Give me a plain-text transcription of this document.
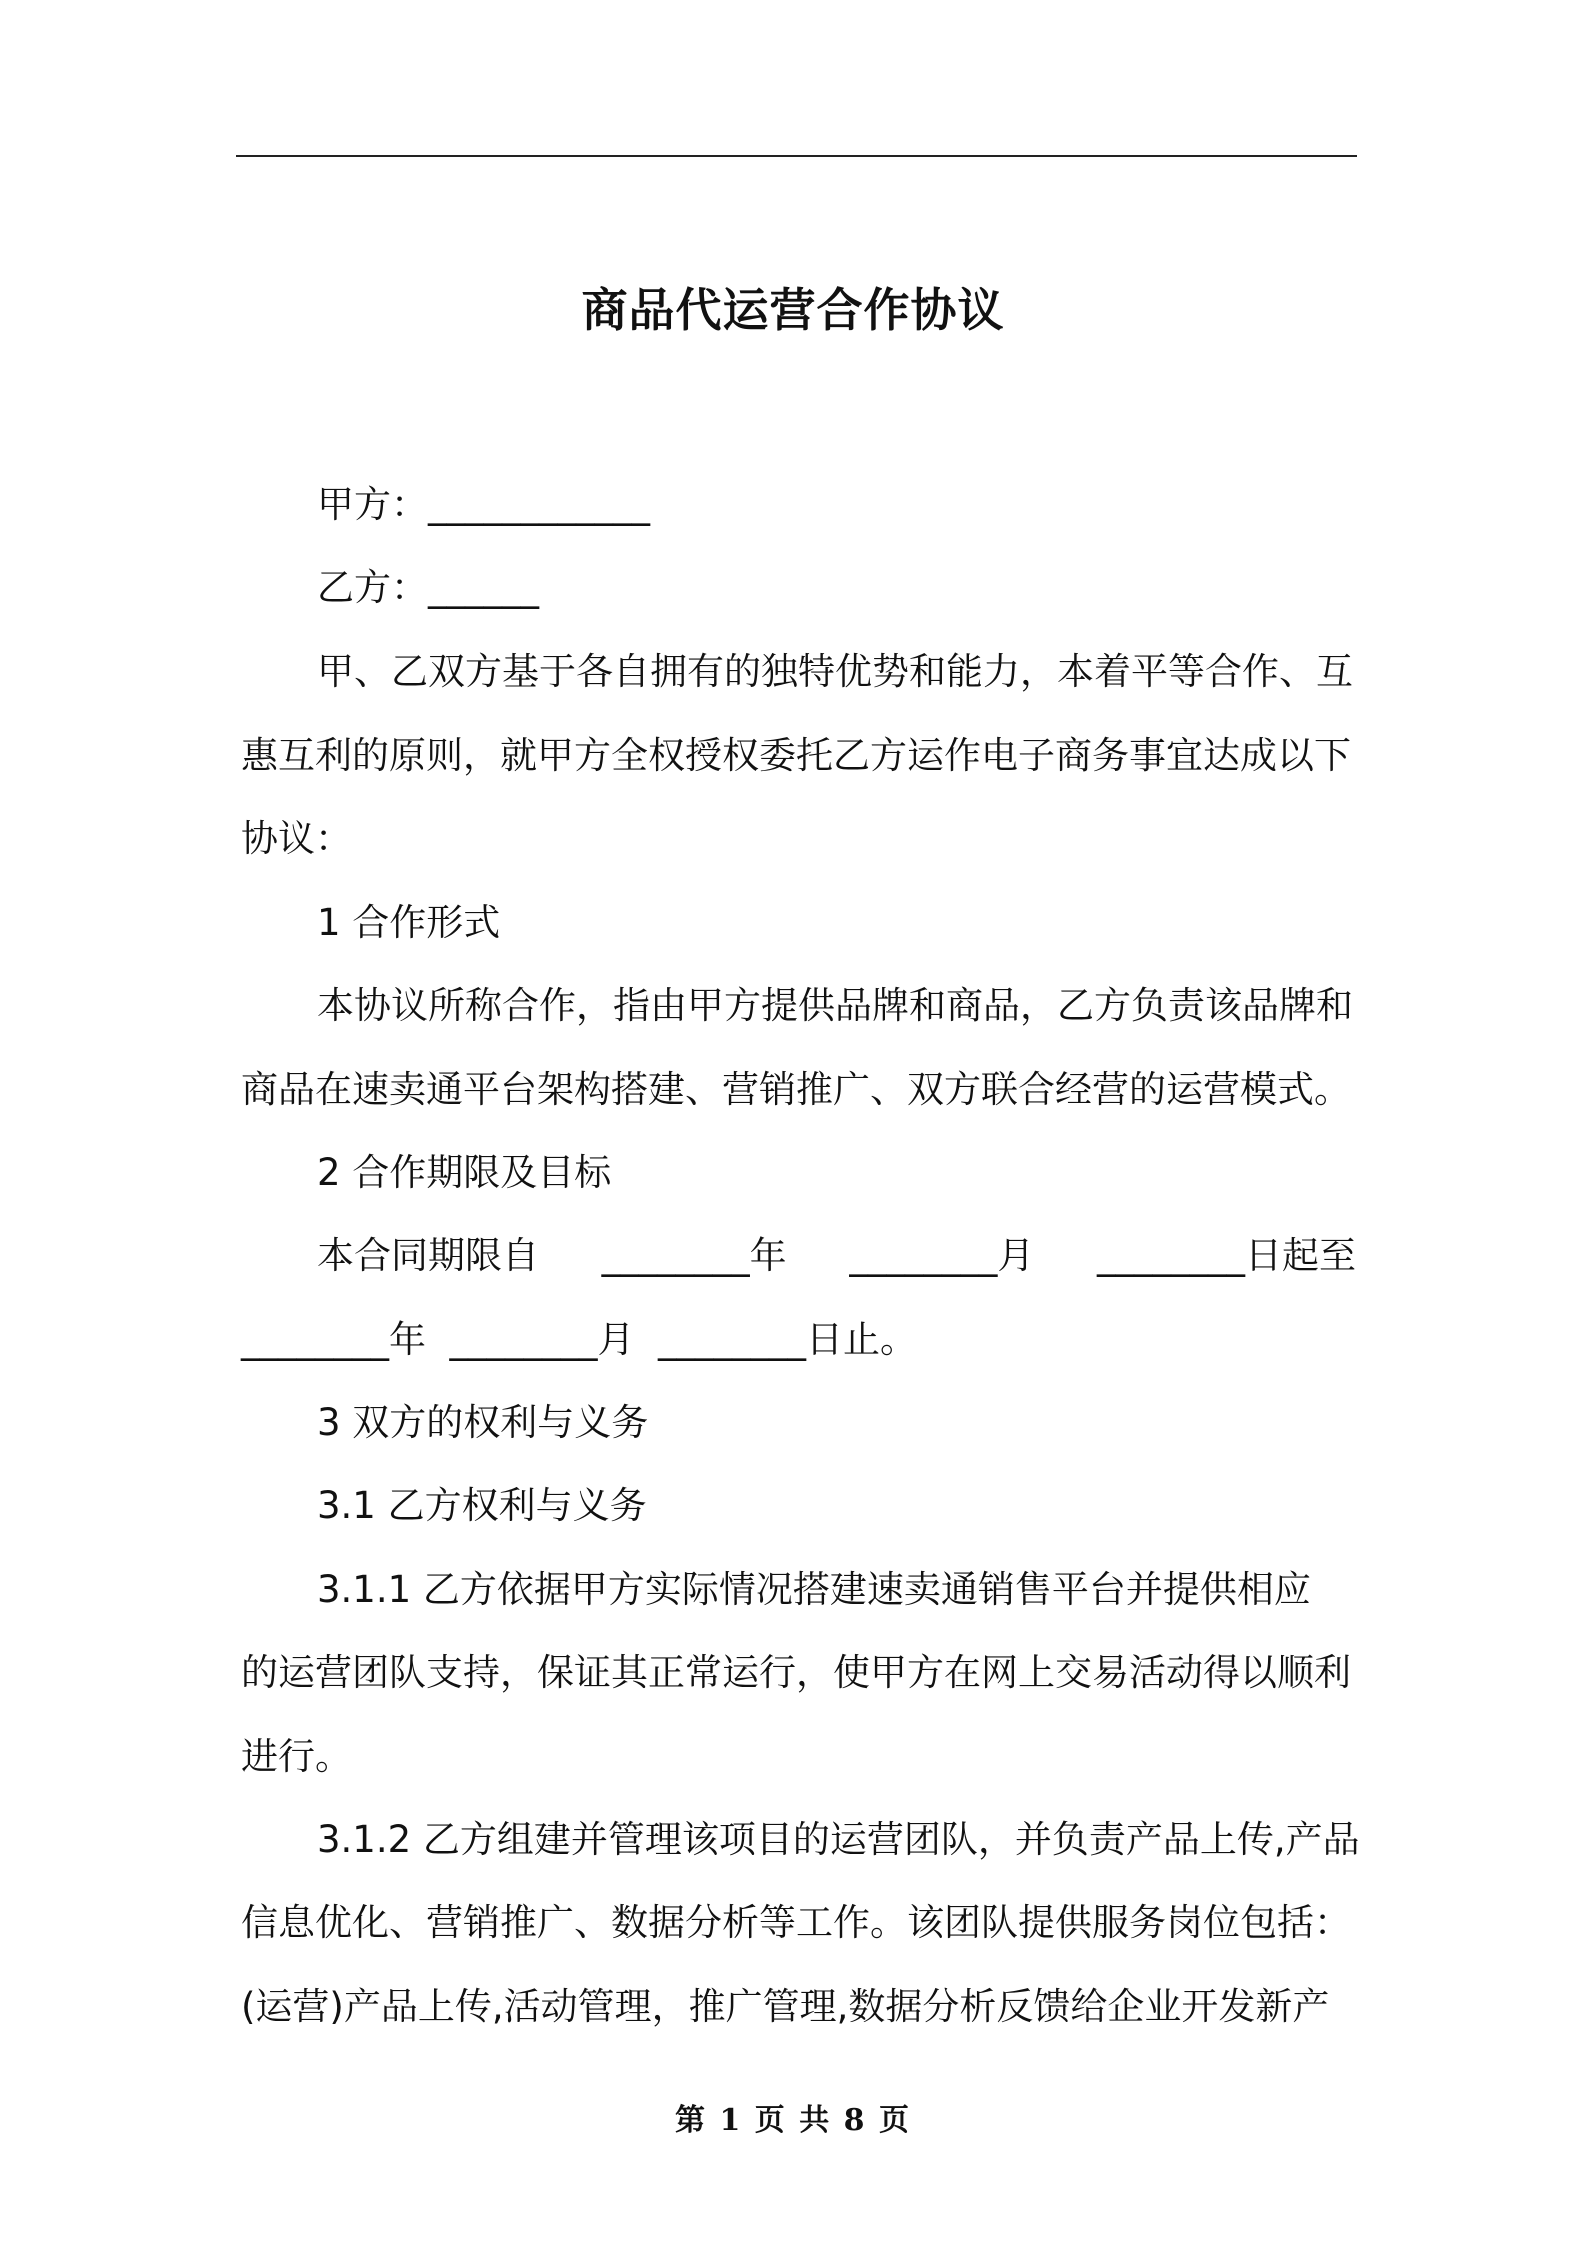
商品代运营合作协议
甲方：____________
乙方：______
甲、乙双方基于各自拥有的独特优势和能力，本着平等合作、互
惠互利的原则，就甲方全权授权委托乙方运作电子商务事宜达成以下
协议：
1 合作形式
本协议所称合作，指由甲方提供品牌和商品，乙方负责该品牌和
商品在速卖通平台架构搭建、营销推广、双方联合经营的运营模式。
2 合作期限及目标
本合同期限自 ________年 ________月 ________日起至
________年  ________月  ________日止。
3 双方的权利与义务
3.1 乙方权利与义务
3.1.1 乙方依据甲方实际情况搭建速卖通销售平台并提供相应
的运营团队支持，保证其正常运行，使甲方在网上交易活动得以顺利
进行。
3.1.2 乙方组建并管理该项目的运营团队，并负责产品上传,产品
信息优化、营销推广、数据分析等工作。该团队提供服务岗位包括：
(运营)产品上传,活动管理，推广管理,数据分析反馈给企业开发新产
第 1 页 共 8 页
